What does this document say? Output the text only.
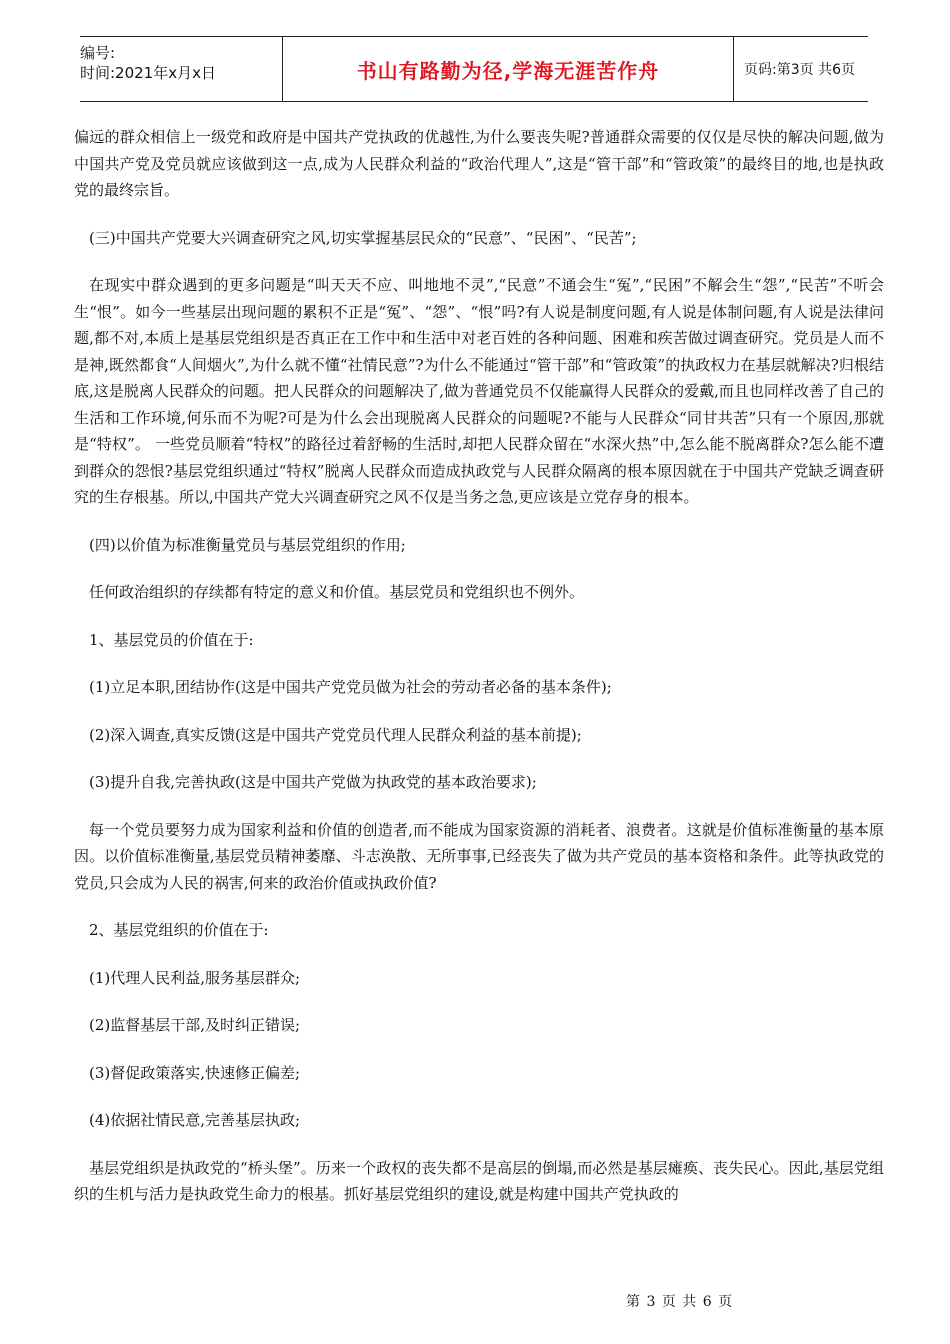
编号:
时间:2021年x月x日	书山有路勤为径,学海无涯苦作舟	页码:第3页 共6页

偏远的群众相信上一级党和政府是中国共产党执政的优越性,为什么要丧失呢?普通群众需要的仅仅是尽快的解决问题,做为中国共产党及党员就应该做到这一点,成为人民群众利益的“政治代理人”,这是“管干部”和“管政策”的最终目的地,也是执政党的最终宗旨。

(三)中国共产党要大兴调查研究之风,切实掌握基层民众的“民意”、“民困”、“民苦”;

在现实中群众遇到的更多问题是“叫天天不应、叫地地不灵”,“民意”不通会生“冤”,“民困”不解会生“怨”,“民苦”不听会生“恨”。如今一些基层出现问题的累积不正是“冤”、“怨”、“恨”吗?有人说是制度问题,有人说是体制问题,有人说是法律问题,都不对,本质上是基层党组织是否真正在工作中和生活中对老百姓的各种问题、困难和疾苦做过调查研究。党员是人而不是神,既然都食“人间烟火”,为什么就不懂“社情民意”?为什么不能通过“管干部”和“管政策”的执政权力在基层就解决?归根结底,这是脱离人民群众的问题。把人民群众的问题解决了,做为普通党员不仅能赢得人民群众的爱戴,而且也同样改善了自己的生活和工作环境,何乐而不为呢?可是为什么会出现脱离人民群众的问题呢?不能与人民群众“同甘共苦”只有一个原因,那就是“特权”。 一些党员顺着“特权”的路径过着舒畅的生活时,却把人民群众留在“水深火热”中,怎么能不脱离群众?怎么能不遭到群众的怨恨?基层党组织通过“特权”脱离人民群众而造成执政党与人民群众隔离的根本原因就在于中国共产党缺乏调查研究的生存根基。所以,中国共产党大兴调查研究之风不仅是当务之急,更应该是立党存身的根本。

(四)以价值为标准衡量党员与基层党组织的作用;

任何政治组织的存续都有特定的意义和价值。基层党员和党组织也不例外。

1、基层党员的价值在于:

(1)立足本职,团结协作(这是中国共产党党员做为社会的劳动者必备的基本条件);

(2)深入调查,真实反馈(这是中国共产党党员代理人民群众利益的基本前提);

(3)提升自我,完善执政(这是中国共产党做为执政党的基本政治要求);

每一个党员要努力成为国家利益和价值的创造者,而不能成为国家资源的消耗者、浪费者。这就是价值标准衡量的基本原因。以价值标准衡量,基层党员精神萎靡、斗志涣散、无所事事,已经丧失了做为共产党员的基本资格和条件。此等执政党的党员,只会成为人民的祸害,何来的政治价值或执政价值?

2、基层党组织的价值在于:

(1)代理人民利益,服务基层群众;

(2)监督基层干部,及时纠正错误;

(3)督促政策落实,快速修正偏差;

(4)依据社情民意,完善基层执政;

基层党组织是执政党的“桥头堡”。历来一个政权的丧失都不是高层的倒塌,而必然是基层瘫痪、丧失民心。因此,基层党组织的生机与活力是执政党生命力的根基。抓好基层党组织的建设,就是构建中国共产党执政的

第 3 页 共 6 页
